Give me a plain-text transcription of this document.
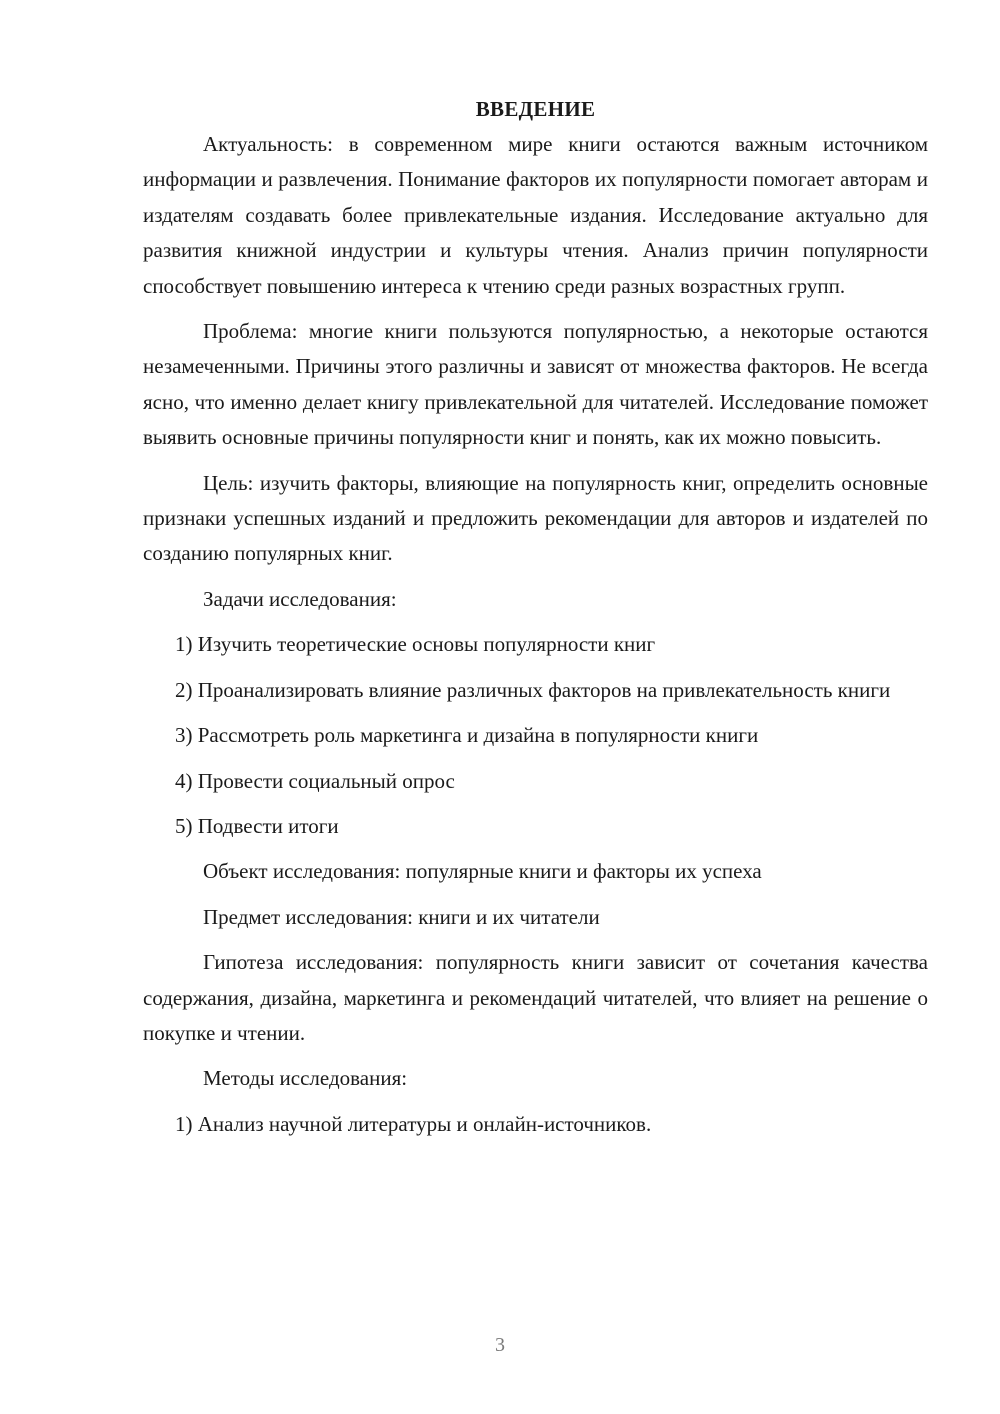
ВВЕДЕНИЕ

Актуальность: в современном мире книги остаются важным источником информации и развлечения. Понимание факторов их популярности помогает авторам и издателям создавать более привлекательные издания. Исследование актуально для развития книжной индустрии и культуры чтения. Анализ причин популярности способствует повышению интереса к чтению среди разных возрастных групп.

Проблема: многие книги пользуются популярностью, а некоторые остаются незамеченными. Причины этого различны и зависят от множества факторов. Не всегда ясно, что именно делает книгу привлекательной для читателей. Исследование поможет выявить основные причины популярности книг и понять, как их можно повысить.

Цель: изучить факторы, влияющие на популярность книг, определить основные признаки успешных изданий и предложить рекомендации для авторов и издателей по созданию популярных книг.

Задачи исследования:

1) Изучить теоретические основы популярности книг

2) Проанализировать влияние различных факторов на привлекательность книги

3) Рассмотреть роль маркетинга и дизайна в популярности книги

4) Провести социальный опрос

5) Подвести итоги

Объект исследования: популярные книги и факторы их успеха

Предмет исследования: книги и их читатели

Гипотеза исследования: популярность книги зависит от сочетания качества содержания, дизайна, маркетинга и рекомендаций читателей, что влияет на решение о покупке и чтении.

Методы исследования:

1) Анализ научной литературы и онлайн-источников.

3
